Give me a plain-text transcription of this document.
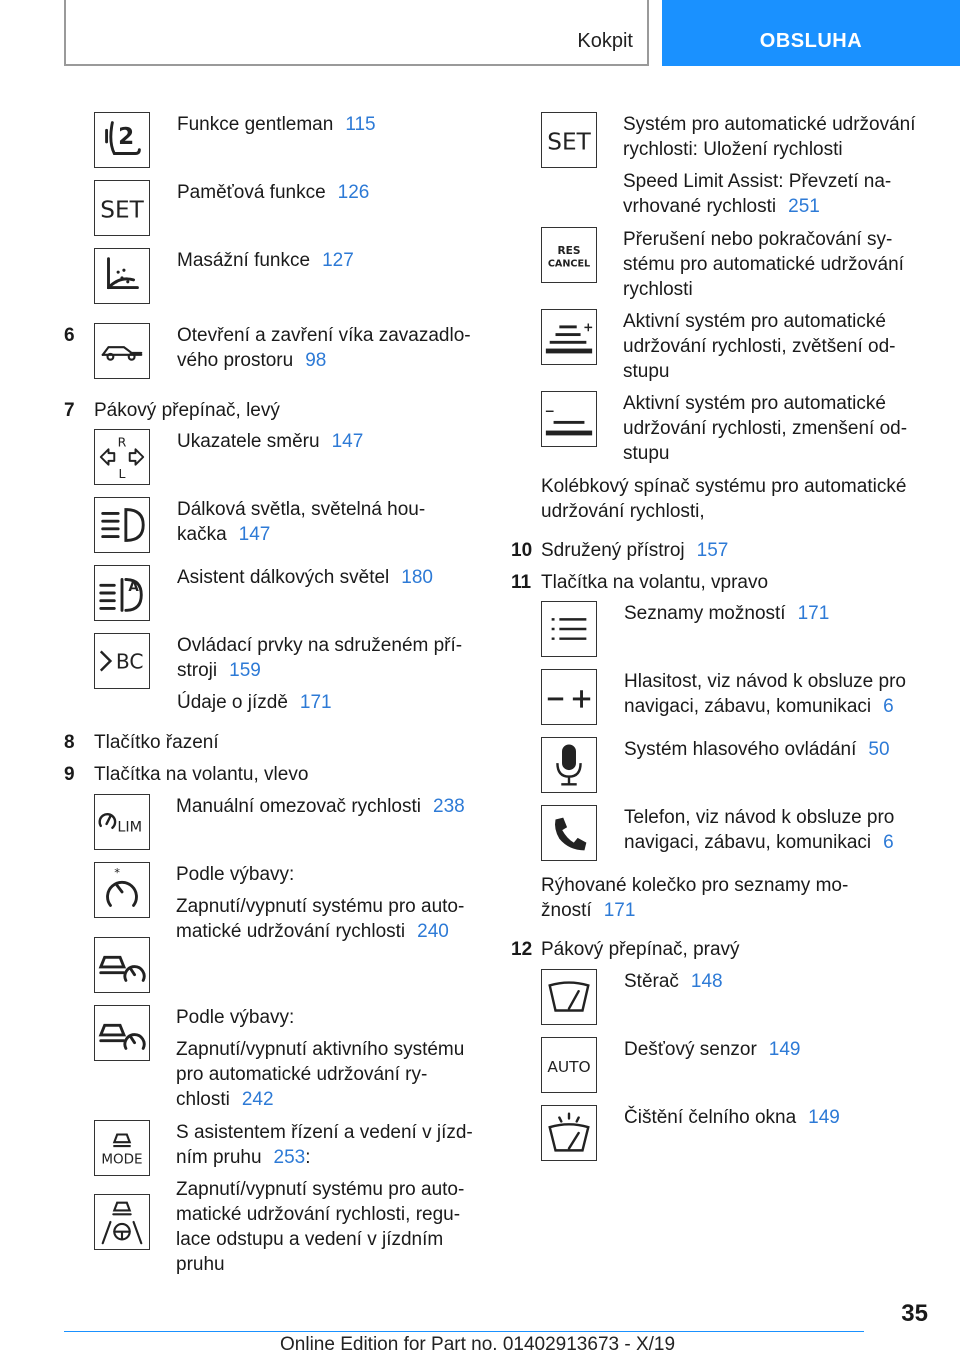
Kokpit	OBSLUHA
2 Funkce gentleman 115
SET
Paměťová funkce 126
Masážní funkce 127
6	Otevření a zavření víka zavazadlo-
vého prostoru 98
7 Pákový přepínač, levý
R
L
Ukazatele směru 147
Dálková světla, světelná hou-
kačka 147
A Asistent dálkových světel 180
BC
Ovládací prvky na sdruženém pří-
stroji 159
Údaje o jízdě 171
8 Tlačítko řazení
9 Tlačítka na volantu, vlevo
LIM
Manuální omezovač rychlosti 238
*	Podle výbavy:
Zapnutí/vypnutí systému pro auto-
matické udržování rychlosti 240
Podle výbavy:
Zapnutí/vypnutí aktivního systému
pro automatické udržování ry-
chlosti 242
MODE
S asistentem řízení a vedení v jízd-
ním pruhu 253:
Zapnutí/vypnutí systému pro auto-
matické udržování rychlosti, regu-
lace odstupu a vedení v jízdním
pruhu
SET
Systém pro automatické udržování
rychlosti: Uložení rychlosti
Speed Limit Assist: Převzetí na-
vrhované rychlosti 251
RES
CANCEL
Přerušení nebo pokračování sy-
stému pro automatické udržování
rychlosti
Aktivní systém pro automatické
udržování rychlosti, zvětšení od-
stupu
Aktivní systém pro automatické
udržování rychlosti, zmenšení od-
stupu
Kolébkový spínač systému pro automatické
udržování rychlosti,
10 Sdružený přístroj 157
11 Tlačítka na volantu, vpravo
Seznamy možností 171
Hlasitost, viz návod k obsluze pro
navigaci, zábavu, komunikaci 6
Systém hlasového ovládání 50
Telefon, viz návod k obsluze pro
navigaci, zábavu, komunikaci 6
Rýhované kolečko pro seznamy mo-
žností 171
12 Pákový přepínač, pravý
Stěrač 148
AUTO
Dešťový senzor 149
Čištění čelního okna 149
35
Online Edition for Part no. 01402913673 - X/19
